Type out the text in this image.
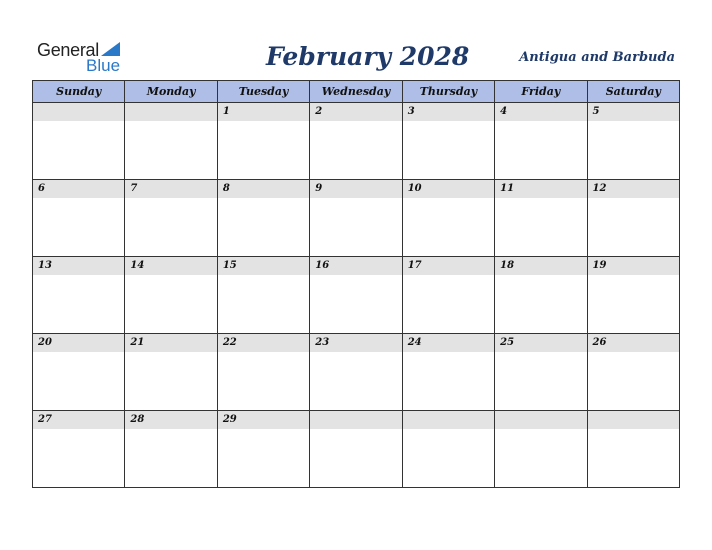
General
Blue	February 2028	Antigua and Barbuda
Sunday	Monday	Tuesday	Wednesday	Thursday	Friday	Saturday

		1	2	3	4	5

6	7	8	9	10	11	12

13	14	15	16	17	18	19

20	21	22	23	24	25	26

27	28	29				
